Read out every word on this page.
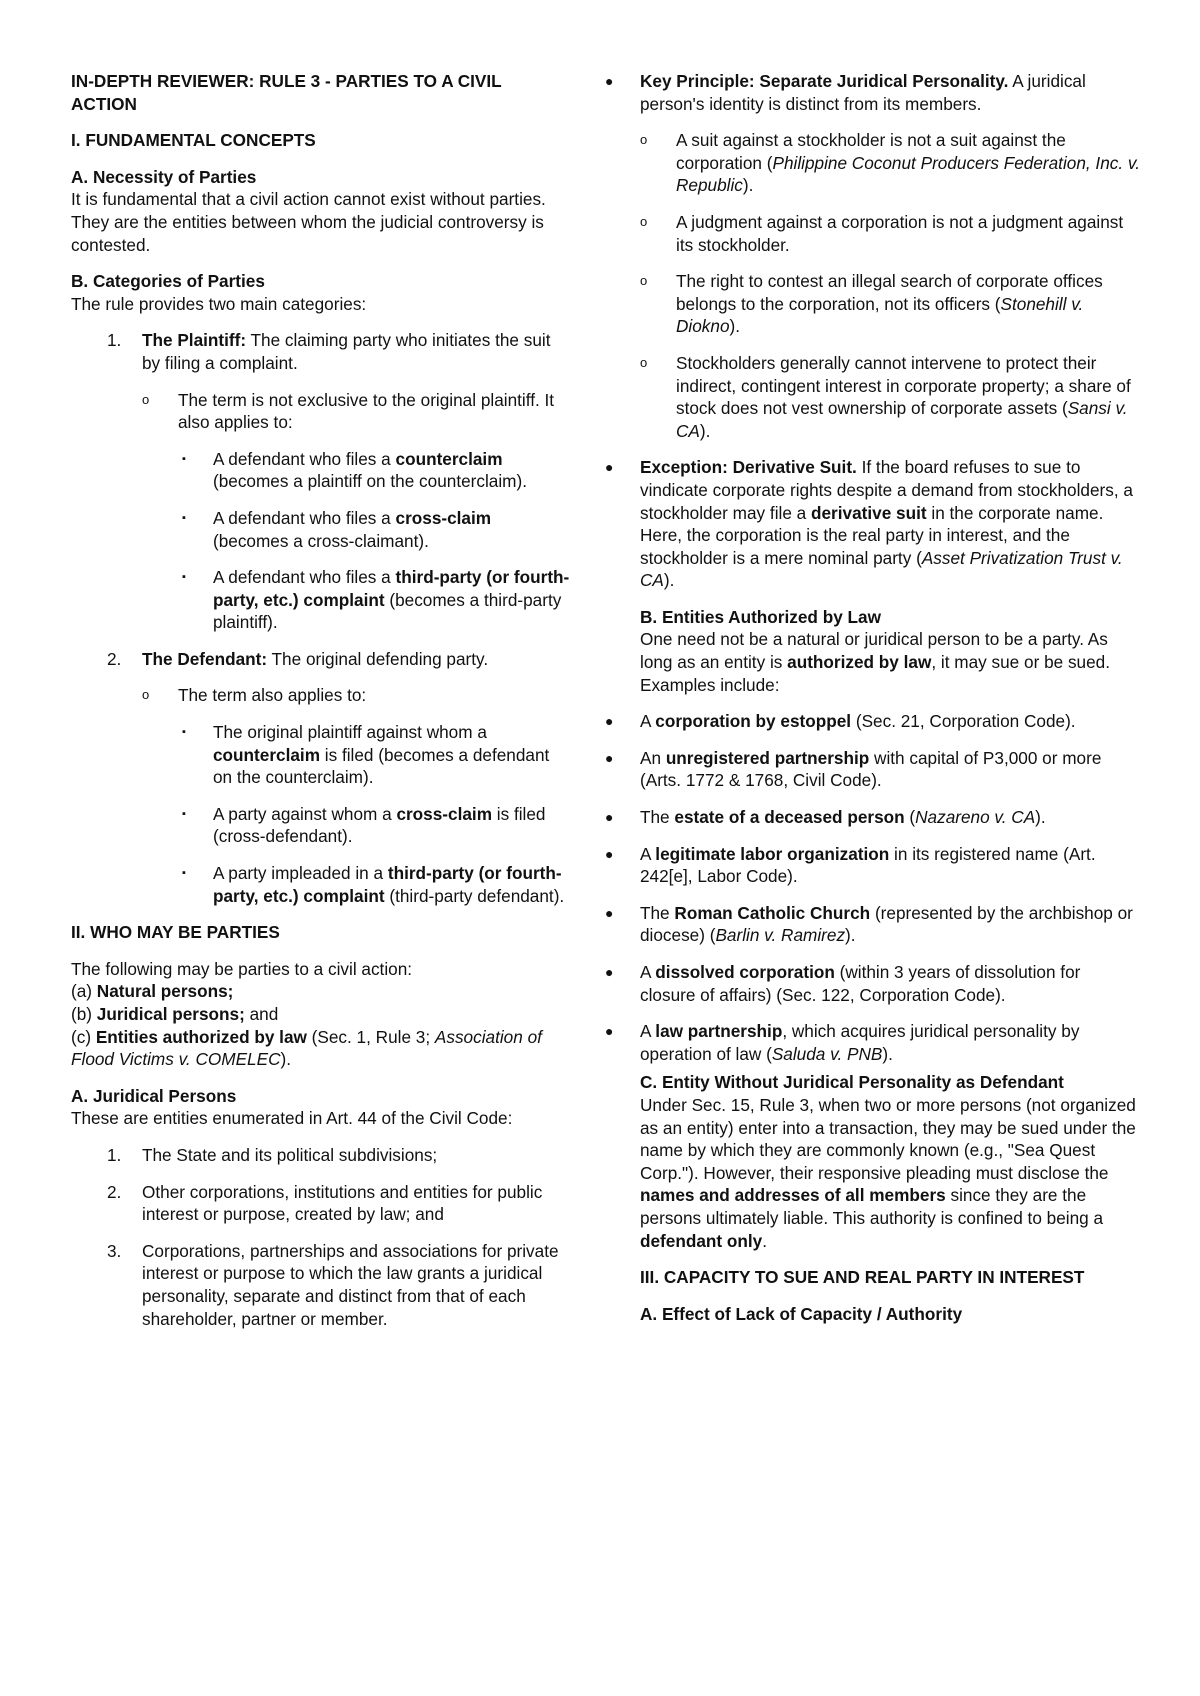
IN-DEPTH REVIEWER: RULE 3 - PARTIES TO A CIVIL ACTION
I. FUNDAMENTAL CONCEPTS
A. Necessity of Parties

It is fundamental that a civil action cannot exist without parties. They are the entities between whom the judicial controversy is contested.

B. Categories of Parties

The rule provides two main categories:

1. The Plaintiff: The claiming party who initiates the suit by filing a complaint.
o The term is not exclusive to the original plaintiff. It also applies to:
▪ A defendant who files a counterclaim (becomes a plaintiff on the counterclaim).
▪ A defendant who files a cross-claim (becomes a cross-claimant).
▪ A defendant who files a third-party (or fourth-party, etc.) complaint (becomes a third-party plaintiff).
2. The Defendant: The original defending party.
o The term also applies to:
▪ The original plaintiff against whom a counterclaim is filed (becomes a defendant on the counterclaim).
▪ A party against whom a cross-claim is filed (cross-defendant).
▪ A party impleaded in a third-party (or fourth-party, etc.) complaint (third-party defendant).
II. WHO MAY BE PARTIES

The following may be parties to a civil action:
(a) Natural persons;
(b) Juridical persons; and
(c) Entities authorized by law (Sec. 1, Rule 3; Association of Flood Victims v. COMELEC).

A. Juridical Persons

These are entities enumerated in Art. 44 of the Civil Code:

1. The State and its political subdivisions;
2. Other corporations, institutions and entities for public interest or purpose, created by law; and
3. Corporations, partnerships and associations for private interest or purpose to which the law grants a juridical personality, separate and distinct from that of each shareholder, partner or member.
● Key Principle: Separate Juridical Personality. A juridical person's identity is distinct from its members.
o A suit against a stockholder is not a suit against the corporation (Philippine Coconut Producers Federation, Inc. v. Republic).
o A judgment against a corporation is not a judgment against its stockholder.
o The right to contest an illegal search of corporate offices belongs to the corporation, not its officers (Stonehill v. Diokno).
o Stockholders generally cannot intervene to protect their indirect, contingent interest in corporate property; a share of stock does not vest ownership of corporate assets (Sansi v. CA).
● Exception: Derivative Suit. If the board refuses to sue to vindicate corporate rights despite a demand from stockholders, a stockholder may file a derivative suit in the corporate name. Here, the corporation is the real party in interest, and the stockholder is a mere nominal party (Asset Privatization Trust v. CA).
B. Entities Authorized by Law

One need not be a natural or juridical person to be a party. As long as an entity is authorized by law, it may sue or be sued. Examples include:

● A corporation by estoppel (Sec. 21, Corporation Code).
● An unregistered partnership with capital of P3,000 or more (Arts. 1772 & 1768, Civil Code).
● The estate of a deceased person (Nazareno v. CA).
● A legitimate labor organization in its registered name (Art. 242[e], Labor Code).
● The Roman Catholic Church (represented by the archbishop or diocese) (Barlin v. Ramirez).
● A dissolved corporation (within 3 years of dissolution for closure of affairs) (Sec. 122, Corporation Code).
● A law partnership, which acquires juridical personality by operation of law (Saluda v. PNB).
C. Entity Without Juridical Personality as Defendant

Under Sec. 15, Rule 3, when two or more persons (not organized as an entity) enter into a transaction, they may be sued under the name by which they are commonly known (e.g., "Sea Quest Corp."). However, their responsive pleading must disclose the names and addresses of all members since they are the persons ultimately liable. This authority is confined to being a defendant only.

III. CAPACITY TO SUE AND REAL PARTY IN INTEREST
A. Effect of Lack of Capacity / Authority
